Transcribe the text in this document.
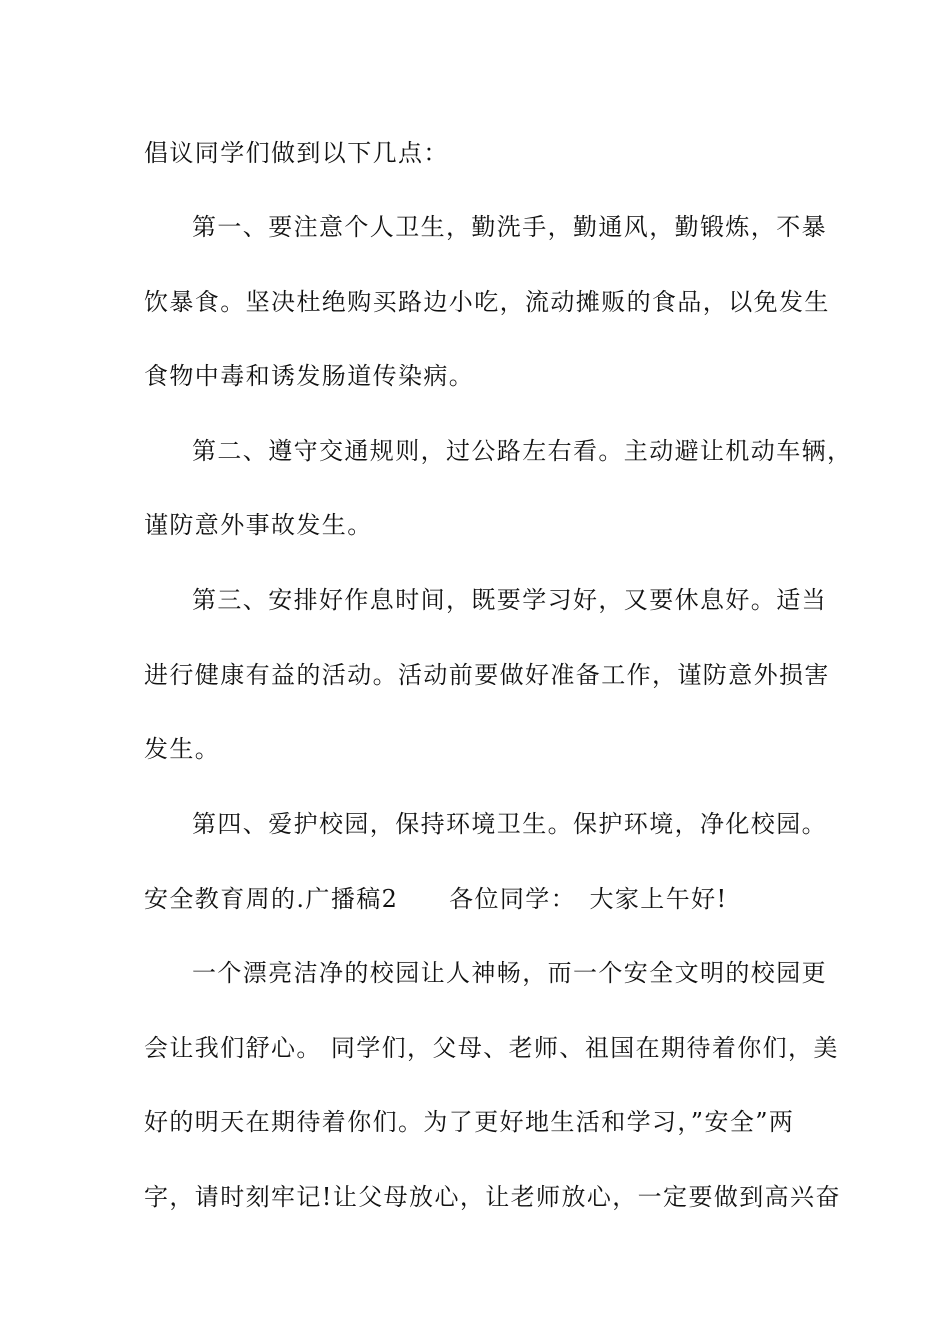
倡议同学们做到以下几点：
第一、要注意个人卫生，勤洗手，勤通风，勤锻炼，不暴
饮暴食。坚决杜绝购买路边小吃，流动摊贩的食品，以免发生
食物中毒和诱发肠道传染病。
第二、遵守交通规则，过公路左右看。主动避让机动车辆，
谨防意外事故发生。
第三、安排好作息时间，既要学习好，又要休息好。适当
进行健康有益的活动。活动前要做好准备工作，谨防意外损害
发生。
第四、爱护校园，保持环境卫生。保护环境，净化校园。
安全教育周的.广播稿2　　各位同学：　大家上午好!
一个漂亮洁净的校园让人神畅，而一个安全文明的校园更
会让我们舒心。 同学们，父母、老师、祖国在期待着你们，美
好的明天在期待着你们。为了更好地生活和学习，”安全”两
字，请时刻牢记!让父母放心，让老师放心，一定要做到高兴奋
